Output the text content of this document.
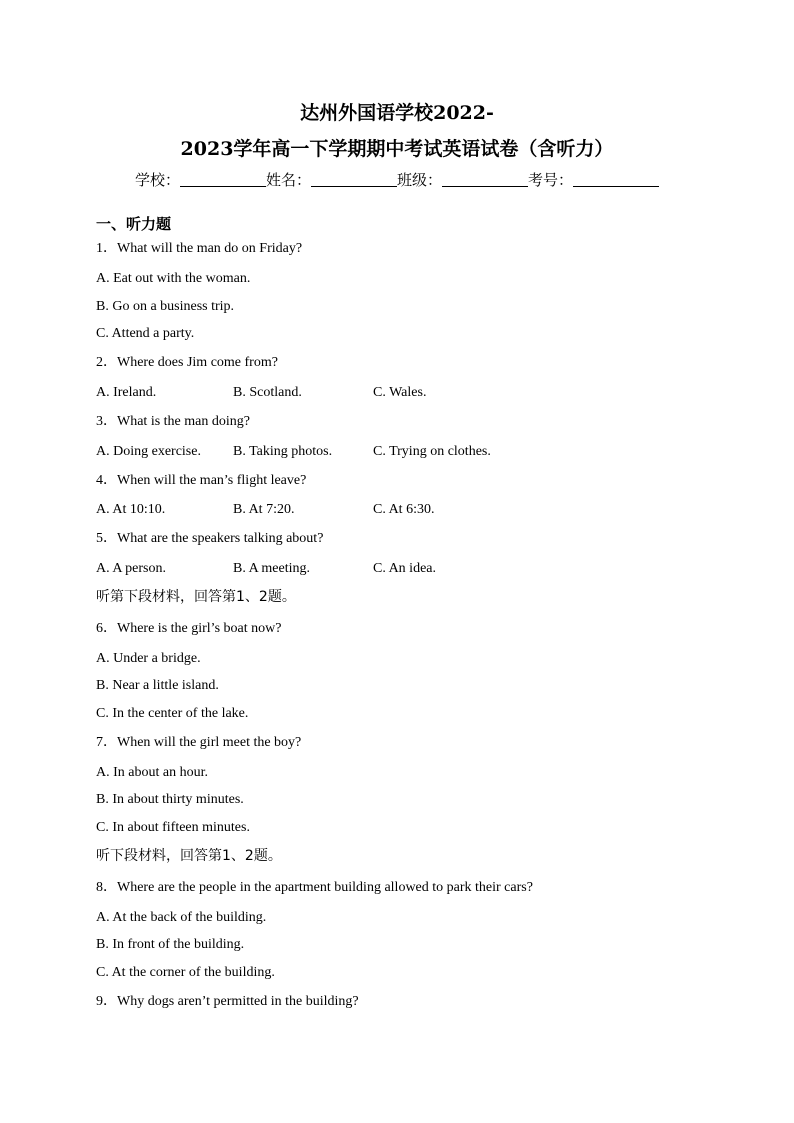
达州外国语学校2022-
2023学年高一下学期期中考试英语试卷（含听力）
学校：	姓名：	班级：	考号：
一、听力题
1．What will the man do on Friday?
A. Eat out with the woman.
B. Go on a business trip.
C. Attend a party.
2．Where does Jim come from?
A. Ireland.	B. Scotland.	C. Wales.
3．What is the man doing?
A. Doing exercise. B. Taking photos.	C. Trying on clothes.
4．When will the man’s flight leave?
A. At 10:10.	B. At 7:20.	C. At 6:30.
5．What are the speakers talking about?
A. A person.	B. A meeting.	C. An idea.
听第下段材料，回答第1、2题。
6．Where is the girl’s boat now?
A. Under a bridge.
B. Near a little island.
C. In the center of the lake.
7．When will the girl meet the boy?
A. In about an hour.
B. In about thirty minutes.
C. In about fifteen minutes.
听下段材料，回答第1、2题。
8．Where are the people in the apartment building allowed to park their cars?
A. At the back of the building.
B. In front of the building.
C. At the corner of the building.
9．Why dogs aren’t permitted in the building?
